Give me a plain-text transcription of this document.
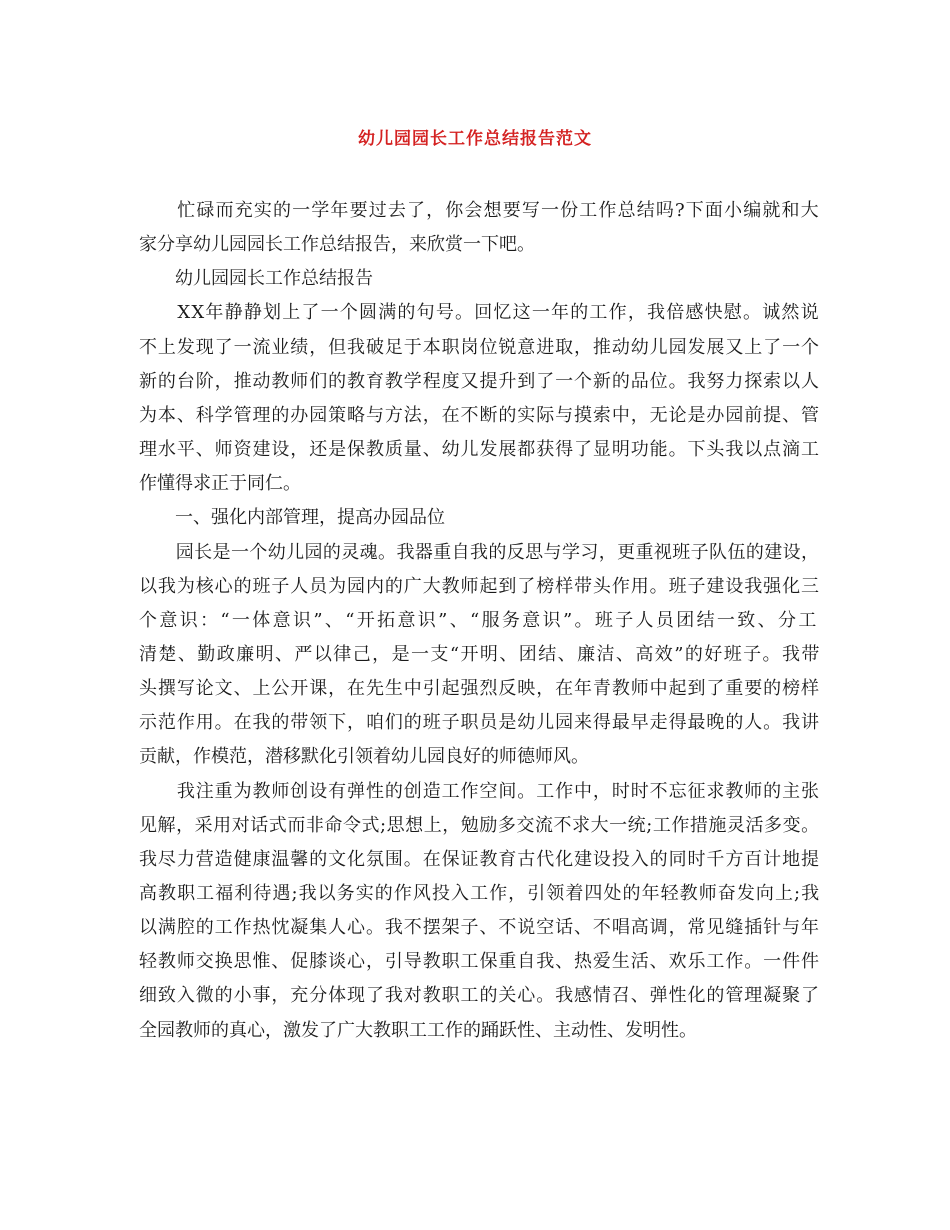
幼儿园园长工作总结报告范文
　　忙碌而充实的一学年要过去了，你会想要写一份工作总结吗?下面小编就和大
家分享幼儿园园长工作总结报告，来欣赏一下吧。
　　幼儿园园长工作总结报告
　　XX年静静划上了一个圆满的句号。回忆这一年的工作，我倍感快慰。诚然说
不上发现了一流业绩，但我破足于本职岗位锐意进取，推动幼儿园发展又上了一个
新的台阶，推动教师们的教育教学程度又提升到了一个新的品位。我努力探索以人
为本、科学管理的办园策略与方法，在不断的实际与摸索中，无论是办园前提、管
理水平、师资建设，还是保教质量、幼儿发展都获得了显明功能。下头我以点滴工
作懂得求正于同仁。
　　一、强化内部管理，提高办园品位
　　园长是一个幼儿园的灵魂。我器重自我的反思与学习，更重视班子队伍的建设，
以我为核心的班子人员为园内的广大教师起到了榜样带头作用。班子建设我强化三
个意识：“一体意识”、“开拓意识”、“服务意识”。班子人员团结一致、分工
清楚、勤政廉明、严以律己，是一支“开明、团结、廉洁、高效”的好班子。我带
头撰写论文、上公开课，在先生中引起强烈反映，在年青教师中起到了重要的榜样
示范作用。在我的带领下，咱们的班子职员是幼儿园来得最早走得最晚的人。我讲
贡献，作模范，潜移默化引领着幼儿园良好的师德师风。
　　我注重为教师创设有弹性的创造工作空间。工作中，时时不忘征求教师的主张
见解，采用对话式而非命令式;思想上，勉励多交流不求大一统;工作措施灵活多变。
我尽力营造健康温馨的文化氛围。在保证教育古代化建设投入的同时千方百计地提
高教职工福利待遇;我以务实的作风投入工作，引领着四处的年轻教师奋发向上;我
以满腔的工作热忱凝集人心。我不摆架子、不说空话、不唱高调，常见缝插针与年
轻教师交换思惟、促膝谈心，引导教职工保重自我、热爱生活、欢乐工作。一件件
细致入微的小事，充分体现了我对教职工的关心。我感情召、弹性化的管理凝聚了
全园教师的真心，激发了广大教职工工作的踊跃性、主动性、发明性。
